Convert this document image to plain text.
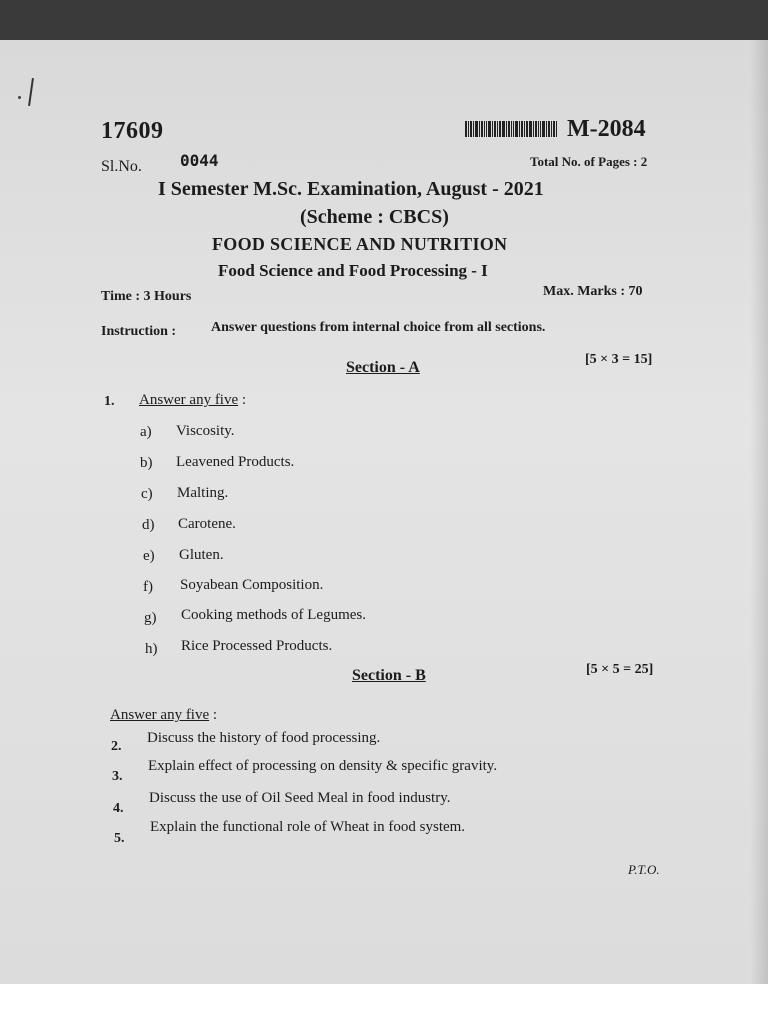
17609	M-2084
Sl.No. 0044	Total No. of Pages : 2
I Semester M.Sc. Examination, August - 2021
(Scheme : CBCS)
FOOD SCIENCE AND NUTRITION
Food Science and Food Processing - I
Time : 3 Hours	Max. Marks : 70
Instruction : Answer questions from internal choice from all sections.
Section - A	[5 × 3 = 15]
1. Answer any five :
a) Viscosity.
b) Leavened Products.
c) Malting.
d) Carotene.
e) Gluten.
f) Soyabean Composition.
g) Cooking methods of Legumes.
h) Rice Processed Products.
Section - B	[5 × 5 = 25]
Answer any five :
2.
Discuss the history of food processing.
3.
Explain effect of processing on density & specific gravity.
4.
Discuss the use of Oil Seed Meal in food industry.
5.
Explain the functional role of Wheat in food system.
P.T.O.
